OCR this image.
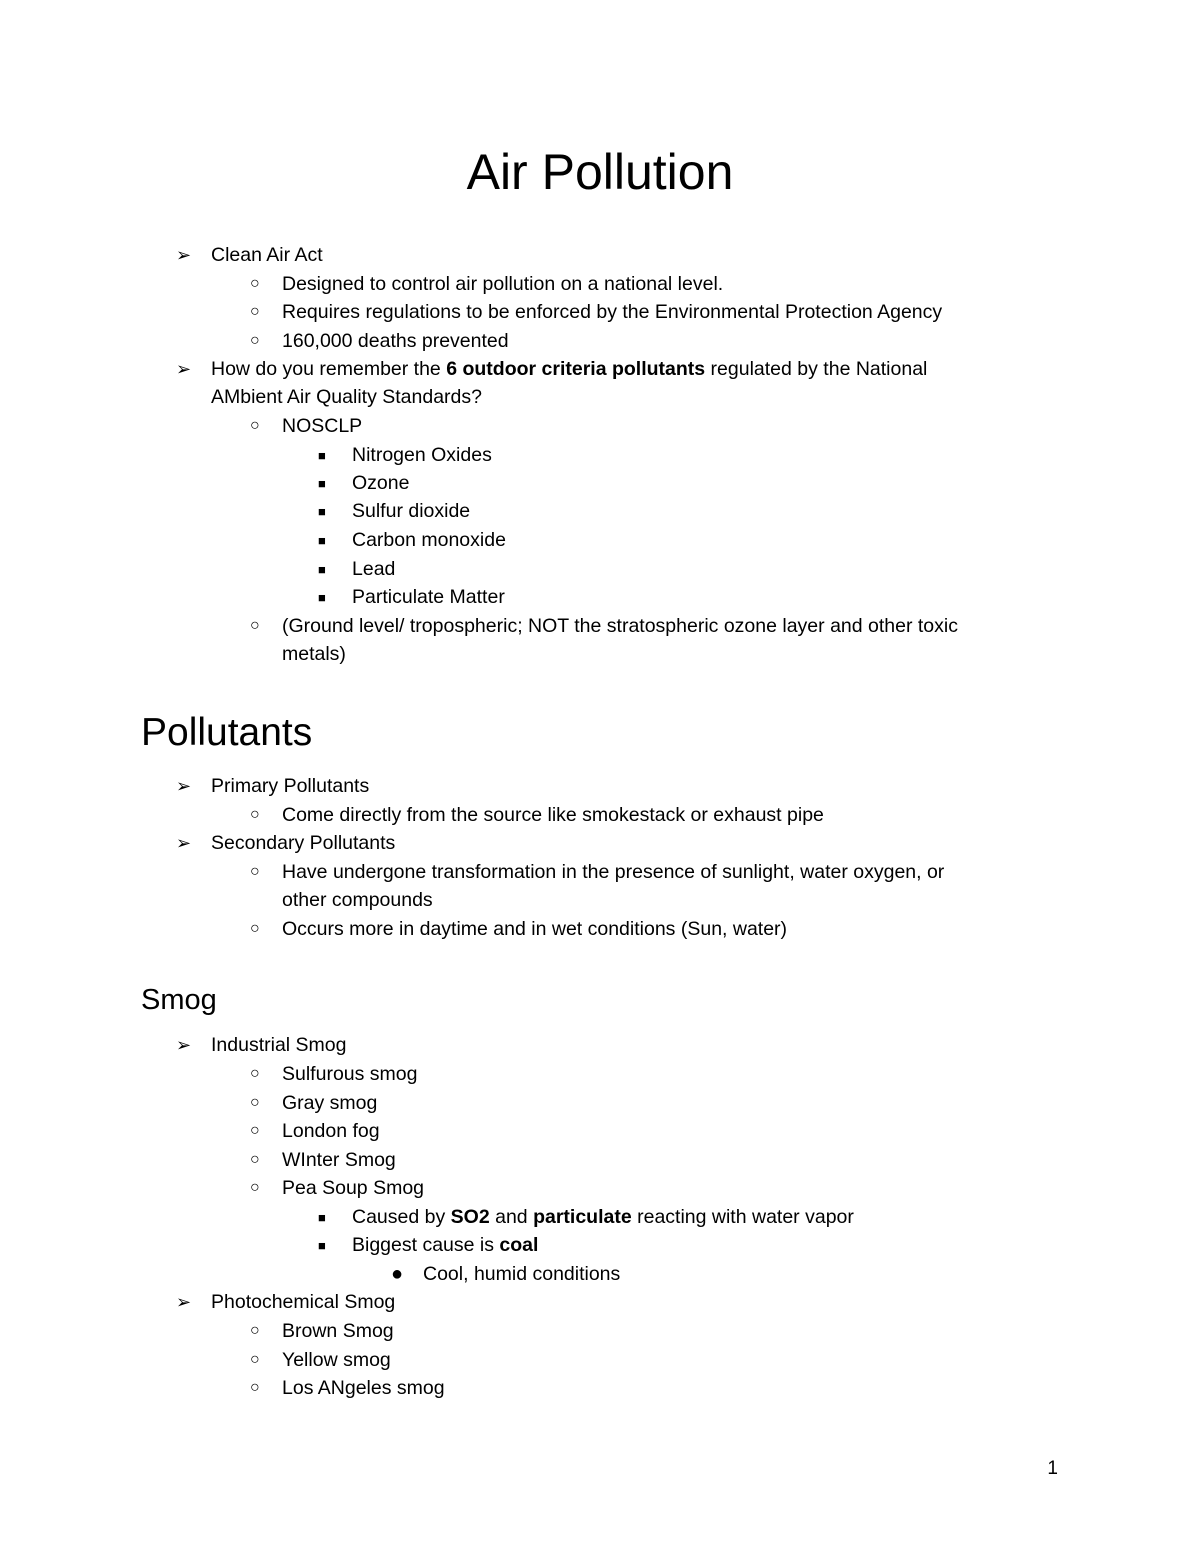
Air Pollution
➢	Clean Air Act
○	Designed to control air pollution on a national level.
○	Requires regulations to be enforced by the Environmental Protection Agency
○	160,000 deaths prevented
➢	How do you remember the 6 outdoor criteria pollutants regulated by the National
AMbient Air Quality Standards?
○	NOSCLP
■	Nitrogen Oxides
■	Ozone
■	Sulfur dioxide
■	Carbon monoxide
■	Lead
■	Particulate Matter
○	(Ground level/ tropospheric; NOT the stratospheric ozone layer and other toxic
metals)
Pollutants
➢	Primary Pollutants
○	Come directly from the source like smokestack or exhaust pipe
➢	Secondary Pollutants
○	Have undergone transformation in the presence of sunlight, water oxygen, or
other compounds
○	Occurs more in daytime and in wet conditions (Sun, water)
Smog
➢	Industrial Smog
○	Sulfurous smog
○	Gray smog
○	London fog
○	WInter Smog
○	Pea Soup Smog
■	Caused by SO2 and particulate reacting with water vapor
■	Biggest cause is coal
●	Cool, humid conditions
➢	Photochemical Smog
○	Brown Smog
○	Yellow smog
○	Los ANgeles smog
1
